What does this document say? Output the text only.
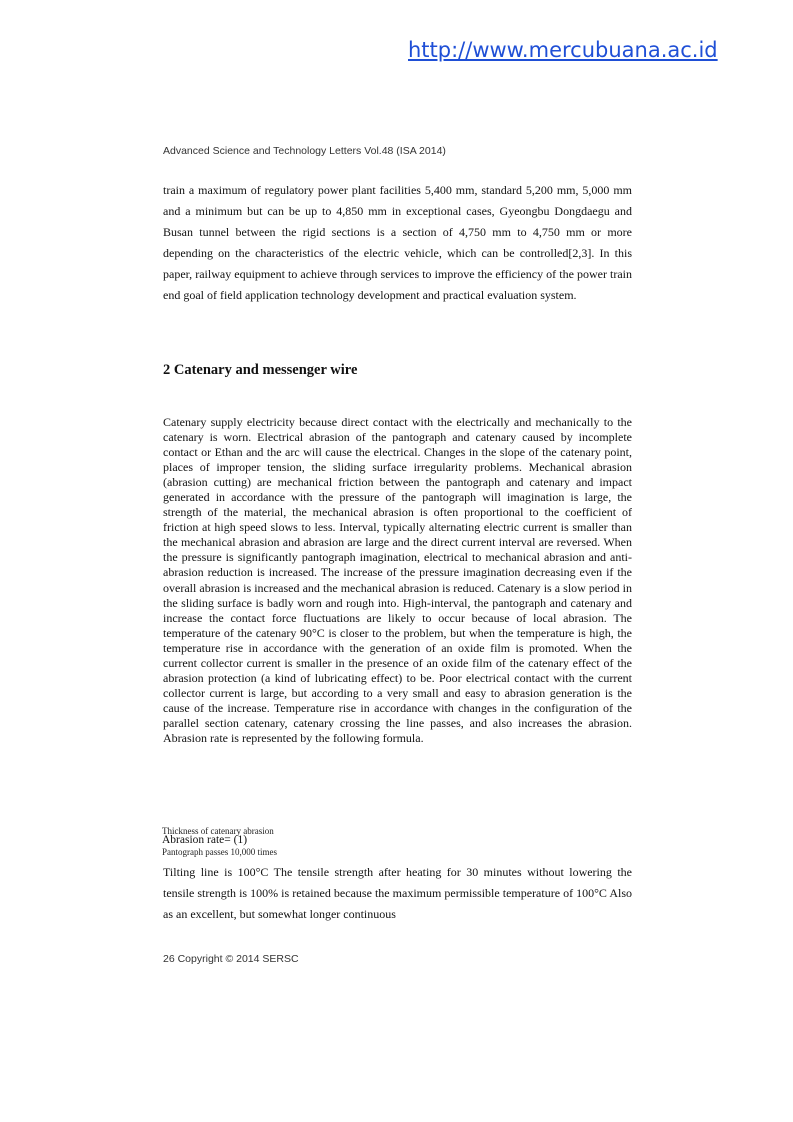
http://www.mercubuana.ac.id
Advanced Science and Technology Letters Vol.48 (ISA 2014)

train a maximum of regulatory power plant facilities 5,400 mm, standard 5,200 mm, 5,000 mm and a minimum but can be up to 4,850 mm in exceptional cases, Gyeongbu Dongdaegu and Busan tunnel between the rigid sections is a section of 4,750 mm to 4,750 mm or more depending on the characteristics of the electric vehicle, which can be controlled[2,3]. In this paper, railway equipment to achieve through services to improve the efficiency of the power train end goal of field application technology development and practical evaluation system.

2 Catenary and messenger wire

Catenary supply electricity because direct contact with the electrically and mechanically to the catenary is worn. Electrical abrasion of the pantograph and catenary caused by incomplete contact or Ethan and the arc will cause the electrical. Changes in the slope of the catenary point, places of improper tension, the sliding surface irregularity problems. Mechanical abrasion (abrasion cutting) are mechanical friction between the pantograph and catenary and impact generated in accordance with the pressure of the pantograph will imagination is large, the strength of the material, the mechanical abrasion is often proportional to the coefficient of friction at high speed slows to less. Interval, typically alternating electric current is smaller than the mechanical abrasion and abrasion are large and the direct current interval are reversed. When the pressure is significantly pantograph imagination, electrical to mechanical abrasion and anti- abrasion reduction is increased. The increase of the pressure imagination decreasing even if the overall abrasion is increased and the mechanical abrasion is reduced. Catenary is a slow period in the sliding surface is badly worn and rough into. High-interval, the pantograph and catenary and increase the contact force fluctuations are likely to occur because of local abrasion. The temperature of the catenary 90°C is closer to the problem, but when the temperature is high, the temperature rise in accordance with the generation of an oxide film is promoted. When the current collector current is smaller in the presence of an oxide film of the catenary effect of the abrasion protection (a kind of lubricating effect) to be. Poor electrical contact with the current collector current is large, but according to a very small and easy to abrasion generation is the cause of the increase. Temperature rise in accordance with changes in the configuration of the parallel section catenary, catenary crossing the line passes, and also increases the abrasion. Abrasion rate is represented by the following formula.

Thickness of catenary abrasion
Abrasion rate= (1)
Pantograph passes 10,000 times

Tilting line is 100°C The tensile strength after heating for 30 minutes without lowering the tensile strength is 100% is retained because the maximum permissible temperature of 100°C Also as an excellent, but somewhat longer continuous

26 Copyright © 2014 SERSC
